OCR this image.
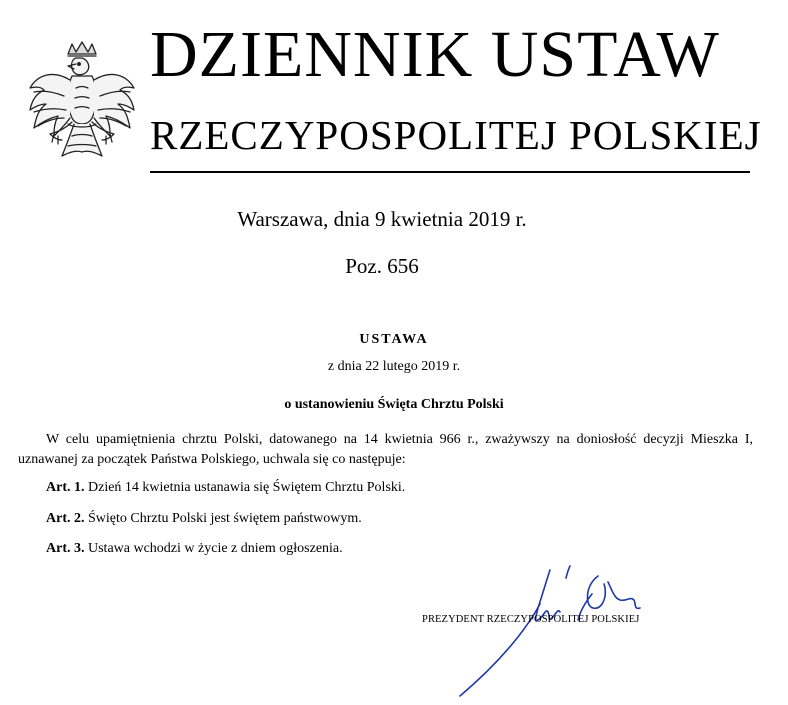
DZIENNIK USTAW
RZECZYPOSPOLITEJ POLSKIEJ
Warszawa, dnia 9 kwietnia 2019 r.
Poz. 656
USTAWA
z dnia 22 lutego 2019 r.
o ustanowieniu Święta Chrztu Polski
W celu upamiętnienia chrztu Polski, datowanego na 14 kwietnia 966 r., zważywszy na doniosłość decyzji Mieszka I, uznawanej za początek Państwa Polskiego, uchwala się co następuje:
Art. 1. Dzień 14 kwietnia ustanawia się Świętem Chrztu Polski.
Art. 2. Święto Chrztu Polski jest świętem państwowym.
Art. 3. Ustawa wchodzi w życie z dniem ogłoszenia.
PREZYDENT RZECZYPOSPOLITEJ POLSKIEJ
